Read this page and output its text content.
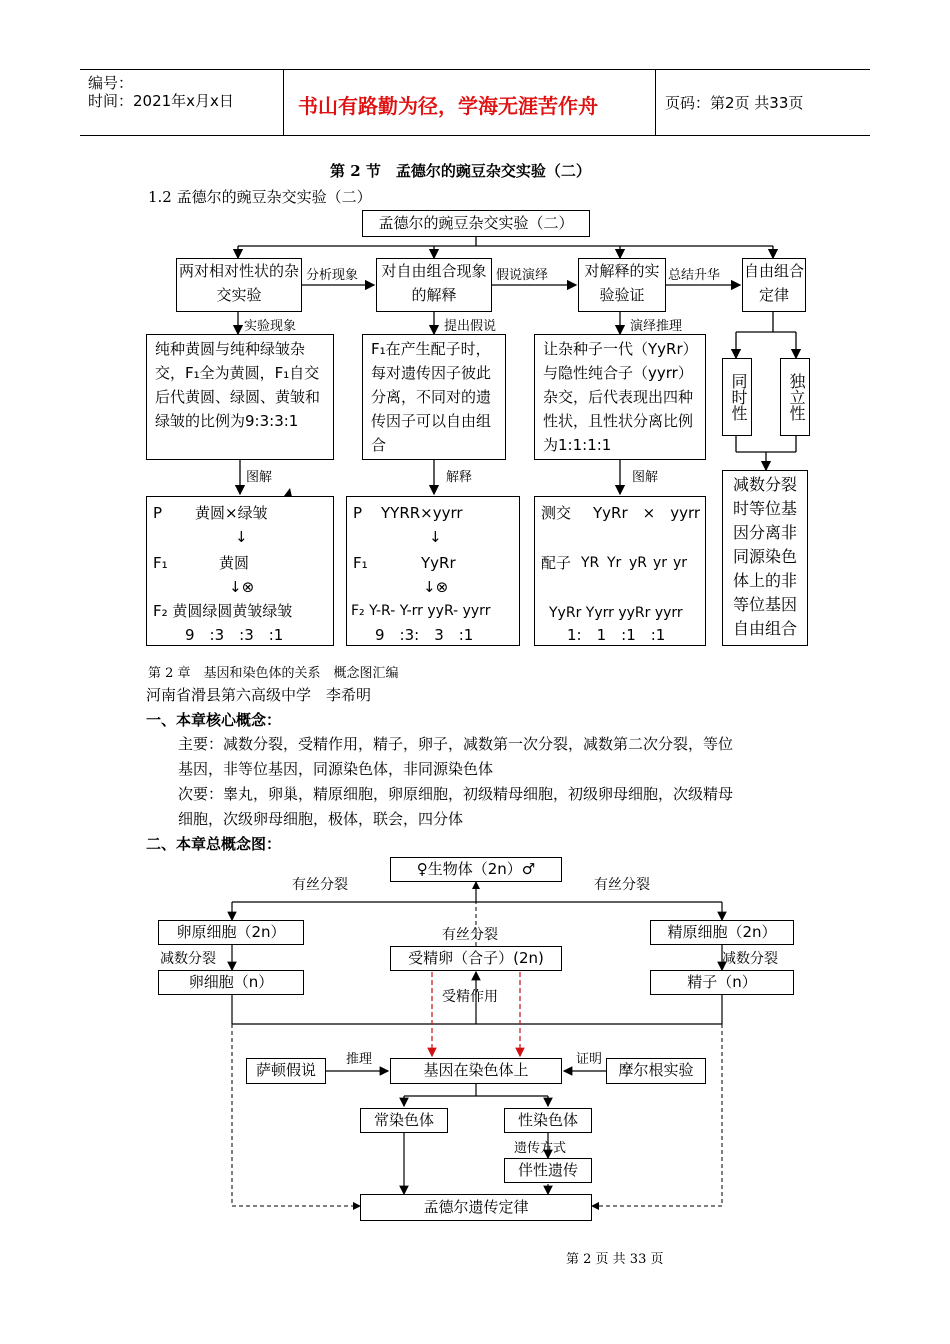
编号：
时间：2021年x月x日	书山有路勤为径，学海无涯苦作舟	页码：第2页 共33页
第 2 节　孟德尔的豌豆杂交实验（二）
1.2 孟德尔的豌豆杂交实验（二）
孟德尔的豌豆杂交实验（二）
两对相对性状的杂交实验
对自由组合现象的解释
对解释的实验验证
自由组合定律
分析现象	假说演绎	总结升华
实验现象	提出假说	演绎推理
纯种黄圆与纯种绿皱杂交，F₁全为黄圆，F₁自交后代黄圆、绿圆、黄皱和绿皱的比例为9:3:3:1
F₁在产生配子时，每对遗传因子彼此分离，不同对的遗传因子可以自由组合
让杂种子一代（YyRr）与隐性纯合子（yyrr）杂交，后代表现出四种性状，且性状分离比例为1:1:1:1
同时性	独立性
减数分裂时等位基因分离非同源染色体上的非等位基因自由组合
图解	解释	图解
P 黄圆×绿皱
↓
F₁	黄圆
↓⊗
F₂ 黄圆绿圆黄皱绿皱
9　:3　:3　:1
P YYRR×yyrr
↓
F₁	YyRr
↓⊗
F₂ Y-R- Y-rr yyR- yyrr
9　:3:　3　:1
测交 YyRr　×　yyrr
配子 YR Yr yR yr yr
YyRr Yyrr yyRr yyrr
1:　1　:1　:1
第 2 章　基因和染色体的关系　概念图汇编
河南省滑县第六高级中学　李希明
一、本章核心概念：
主要：减数分裂，受精作用，精子，卵子，减数第一次分裂，减数第二次分裂，等位
基因，非等位基因，同源染色体，非同源染色体
次要：睾丸，卵巢，精原细胞，卵原细胞，初级精母细胞，初级卵母细胞，次级精母
细胞，次级卵母细胞，极体，联会，四分体
二、本章总概念图：
♀生物体（2n）♂
有丝分裂	有丝分裂
有丝分裂
卵原细胞（2n）	精原细胞（2n）
受精卵（合子）(2n)
减数分裂	减数分裂
卵细胞（n）	精子（n）
受精作用
萨顿假说
推理
基因在染色体上
证明
摩尔根实验
常染色体	性染色体
遗传方式
伴性遗传
孟德尔遗传定律
第 2 页 共 33 页
